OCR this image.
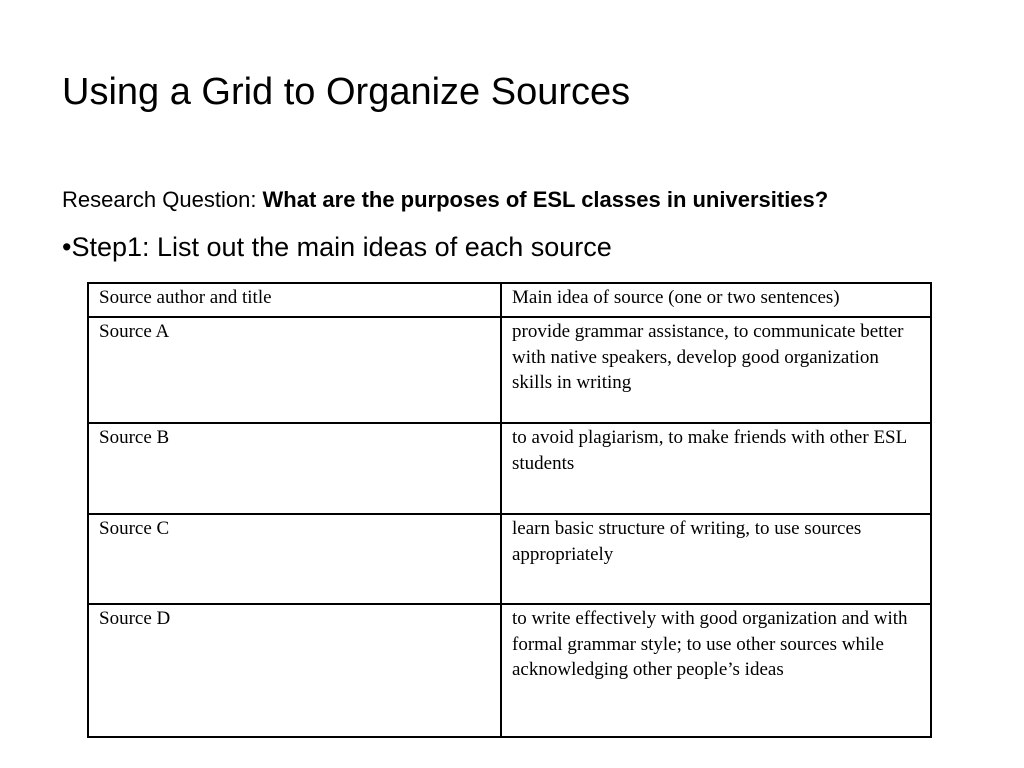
Using a Grid to Organize Sources
Research Question: What are the purposes of ESL classes in universities?
•Step1: List out the main ideas of each source
Source author and title	Main idea of source (one or two sentences)
Source A	provide grammar assistance, to communicate better with native speakers, develop good organization skills in writing
Source B	to avoid plagiarism, to make friends with other ESL students
Source C	learn basic structure of writing, to use sources appropriately
Source D	to write effectively with good organization and with formal grammar style; to use other sources while acknowledging other people’s ideas
